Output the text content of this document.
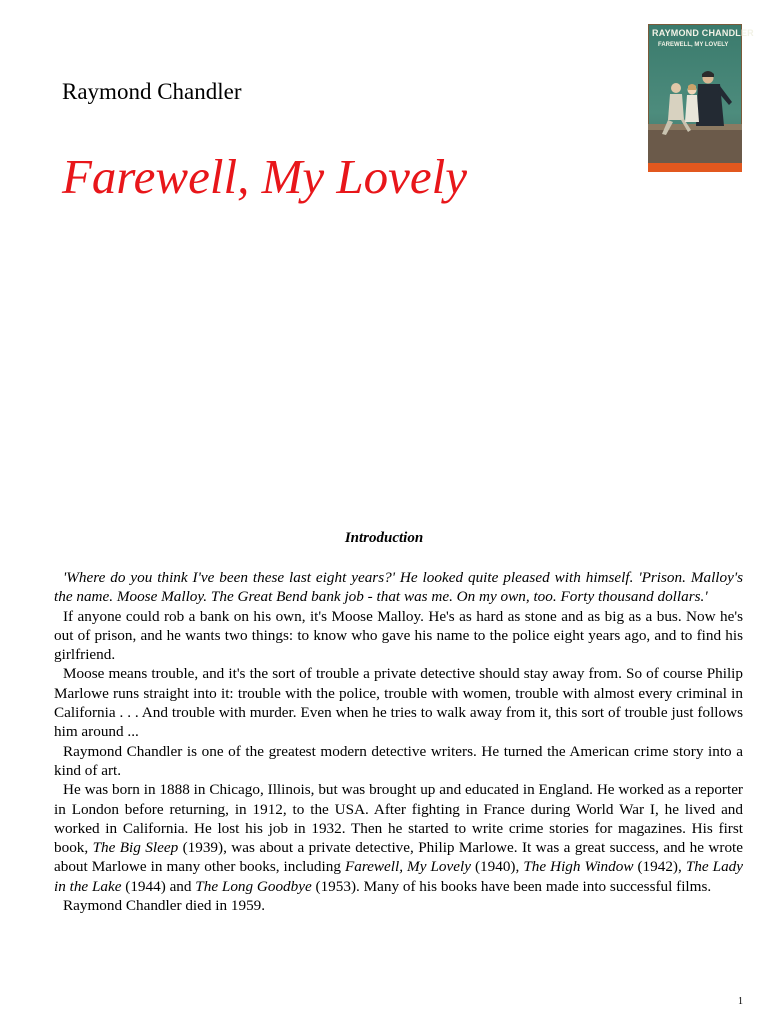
Raymond Chandler
Farewell, My Lovely
RAYMOND CHANDLER
FAREWELL, MY LOVELY
Introduction

'Where do you think I've been these last eight years?' He looked quite pleased with himself. 'Prison. Malloy's the name. Moose Malloy. The Great Bend bank job - that was me. On my own, too. Forty thousand dollars.'

If anyone could rob a bank on his own, it's Moose Malloy. He's as hard as stone and as big as a bus. Now he's out of prison, and he wants two things: to know who gave his name to the police eight years ago, and to find his girlfriend.

Moose means trouble, and it's the sort of trouble a private detective should stay away from. So of course Philip Marlowe runs straight into it: trouble with the police, trouble with women, trouble with almost every criminal in California . . . And trouble with murder. Even when he tries to walk away from it, this sort of trouble just follows him around ...

Raymond Chandler is one of the greatest modern detective writers. He turned the American crime story into a kind of art.

He was born in 1888 in Chicago, Illinois, but was brought up and educated in England. He worked as a reporter in London before returning, in 1912, to the USA. After fighting in France during World War I, he lived and worked in California. He lost his job in 1932. Then he started to write crime stories for magazines. His first book, The Big Sleep (1939), was about a private detective, Philip Marlowe. It was a great success, and he wrote about Marlowe in many other books, including Farewell, My Lovely (1940), The High Window (1942), The Lady in the Lake (1944) and The Long Goodbye (1953). Many of his books have been made into successful films.

Raymond Chandler died in 1959.

1
